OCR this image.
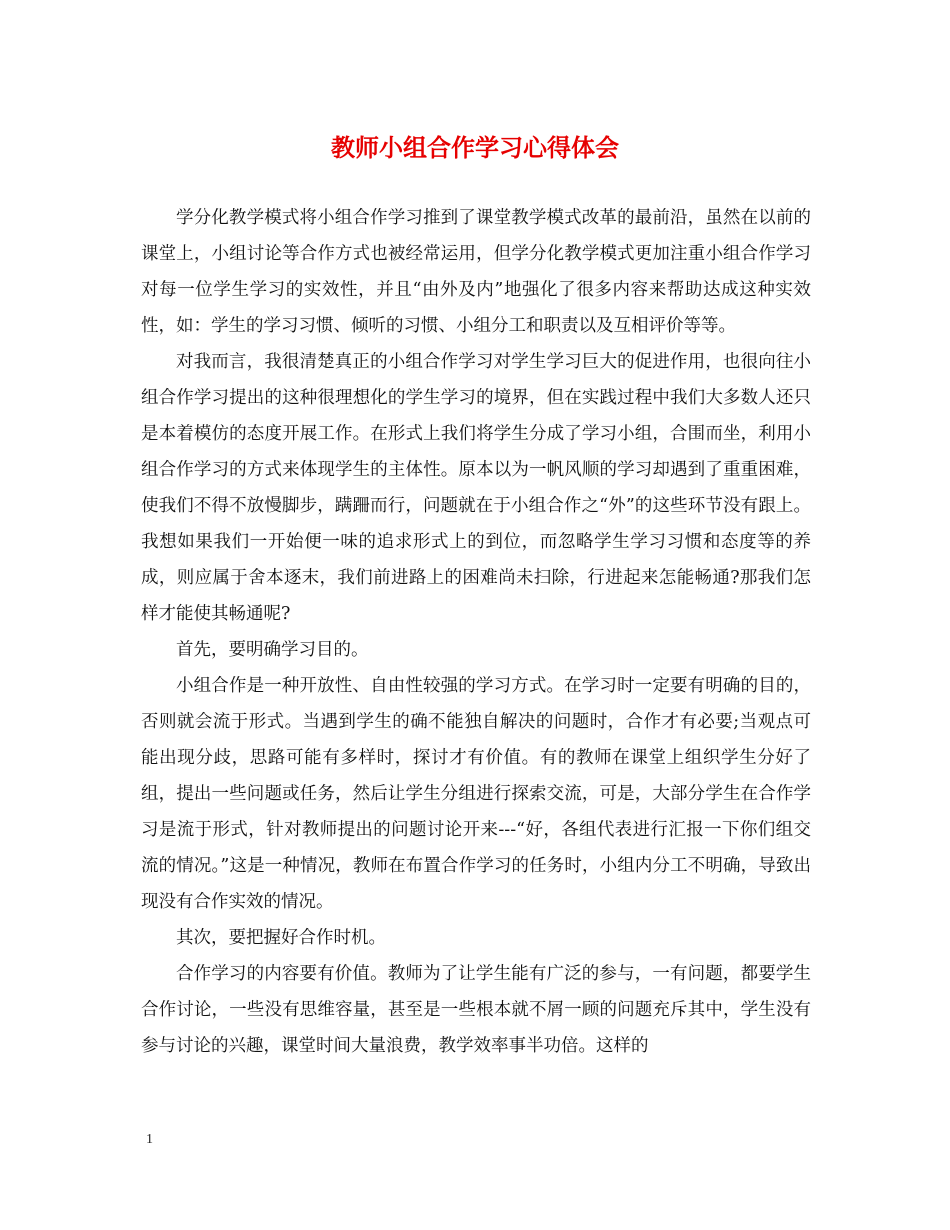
教师小组合作学习心得体会

学分化教学模式将小组合作学习推到了课堂教学模式改革的最前沿，虽然在以前的课堂上，小组讨论等合作方式也被经常运用，但学分化教学模式更加注重小组合作学习对每一位学生学习的实效性，并且“由外及内”地强化了很多内容来帮助达成这种实效性，如：学生的学习习惯、倾听的习惯、小组分工和职责以及互相评价等等。

对我而言，我很清楚真正的小组合作学习对学生学习巨大的促进作用，也很向往小组合作学习提出的这种很理想化的学生学习的境界，但在实践过程中我们大多数人还只是本着模仿的态度开展工作。在形式上我们将学生分成了学习小组，合围而坐，利用小组合作学习的方式来体现学生的主体性。原本以为一帆风顺的学习却遇到了重重困难，使我们不得不放慢脚步，蹒跚而行，问题就在于小组合作之“外”的这些环节没有跟上。我想如果我们一开始便一味的追求形式上的到位，而忽略学生学习习惯和态度等的养成，则应属于舍本逐末，我们前进路上的困难尚未扫除，行进起来怎能畅通?那我们怎样才能使其畅通呢?

首先，要明确学习目的。

小组合作是一种开放性、自由性较强的学习方式。在学习时一定要有明确的目的，否则就会流于形式。当遇到学生的确不能独自解决的问题时，合作才有必要;当观点可能出现分歧，思路可能有多样时，探讨才有价值。有的教师在课堂上组织学生分好了组，提出一些问题或任务，然后让学生分组进行探索交流，可是，大部分学生在合作学习是流于形式，针对教师提出的问题讨论开来---“好，各组代表进行汇报一下你们组交流的情况。”这是一种情况，教师在布置合作学习的任务时，小组内分工不明确，导致出现没有合作实效的情况。

其次，要把握好合作时机。

合作学习的内容要有价值。教师为了让学生能有广泛的参与，一有问题，都要学生合作讨论，一些没有思维容量，甚至是一些根本就不屑一顾的问题充斥其中，学生没有参与讨论的兴趣，课堂时间大量浪费，教学效率事半功倍。这样的

1
